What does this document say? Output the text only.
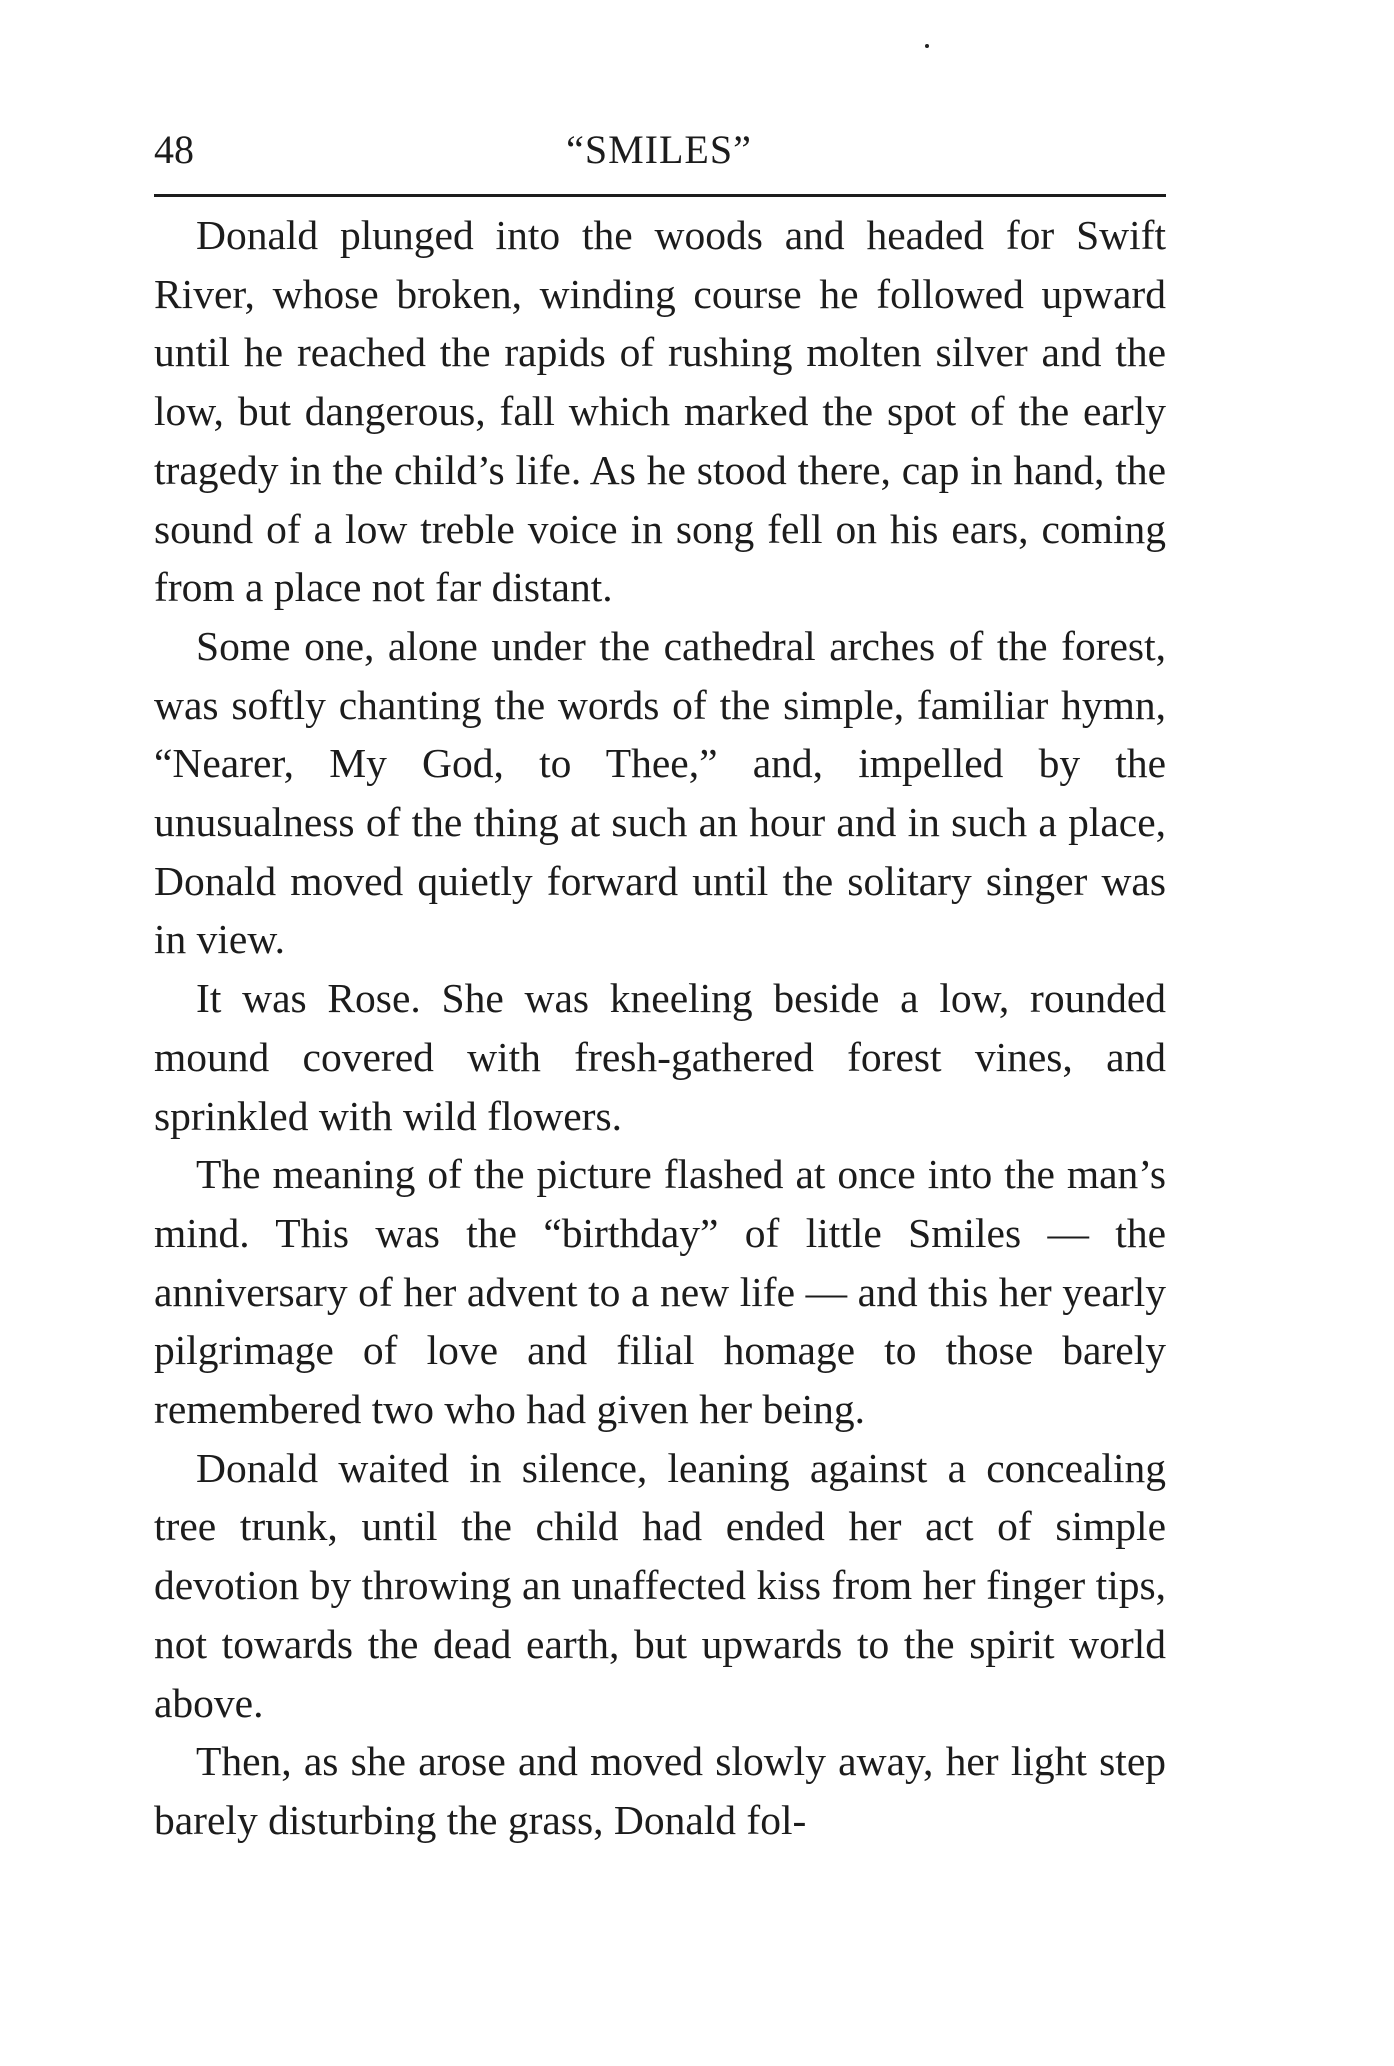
48	“SMILES”

Donald plunged into the woods and headed for Swift River, whose broken, winding course he followed upward until he reached the rapids of rushing molten silver and the low, but dangerous, fall which marked the spot of the early tragedy in the child’s life. As he stood there, cap in hand, the sound of a low treble voice in song fell on his ears, coming from a place not far distant.

Some one, alone under the cathedral arches of the forest, was softly chanting the words of the simple, familiar hymn, “Nearer, My God, to Thee,” and, impelled by the unusualness of the thing at such an hour and in such a place, Donald moved quietly forward until the solitary singer was in view.

It was Rose. She was kneeling beside a low, rounded mound covered with fresh-gathered forest vines, and sprinkled with wild flowers.

The meaning of the picture flashed at once into the man’s mind. This was the “birthday” of little Smiles — the anniversary of her advent to a new life — and this her yearly pilgrimage of love and filial homage to those barely remembered two who had given her being.

Donald waited in silence, leaning against a concealing tree trunk, until the child had ended her act of simple devotion by throwing an unaffected kiss from her finger tips, not towards the dead earth, but upwards to the spirit world above.

Then, as she arose and moved slowly away, her light step barely disturbing the grass, Donald fol-
